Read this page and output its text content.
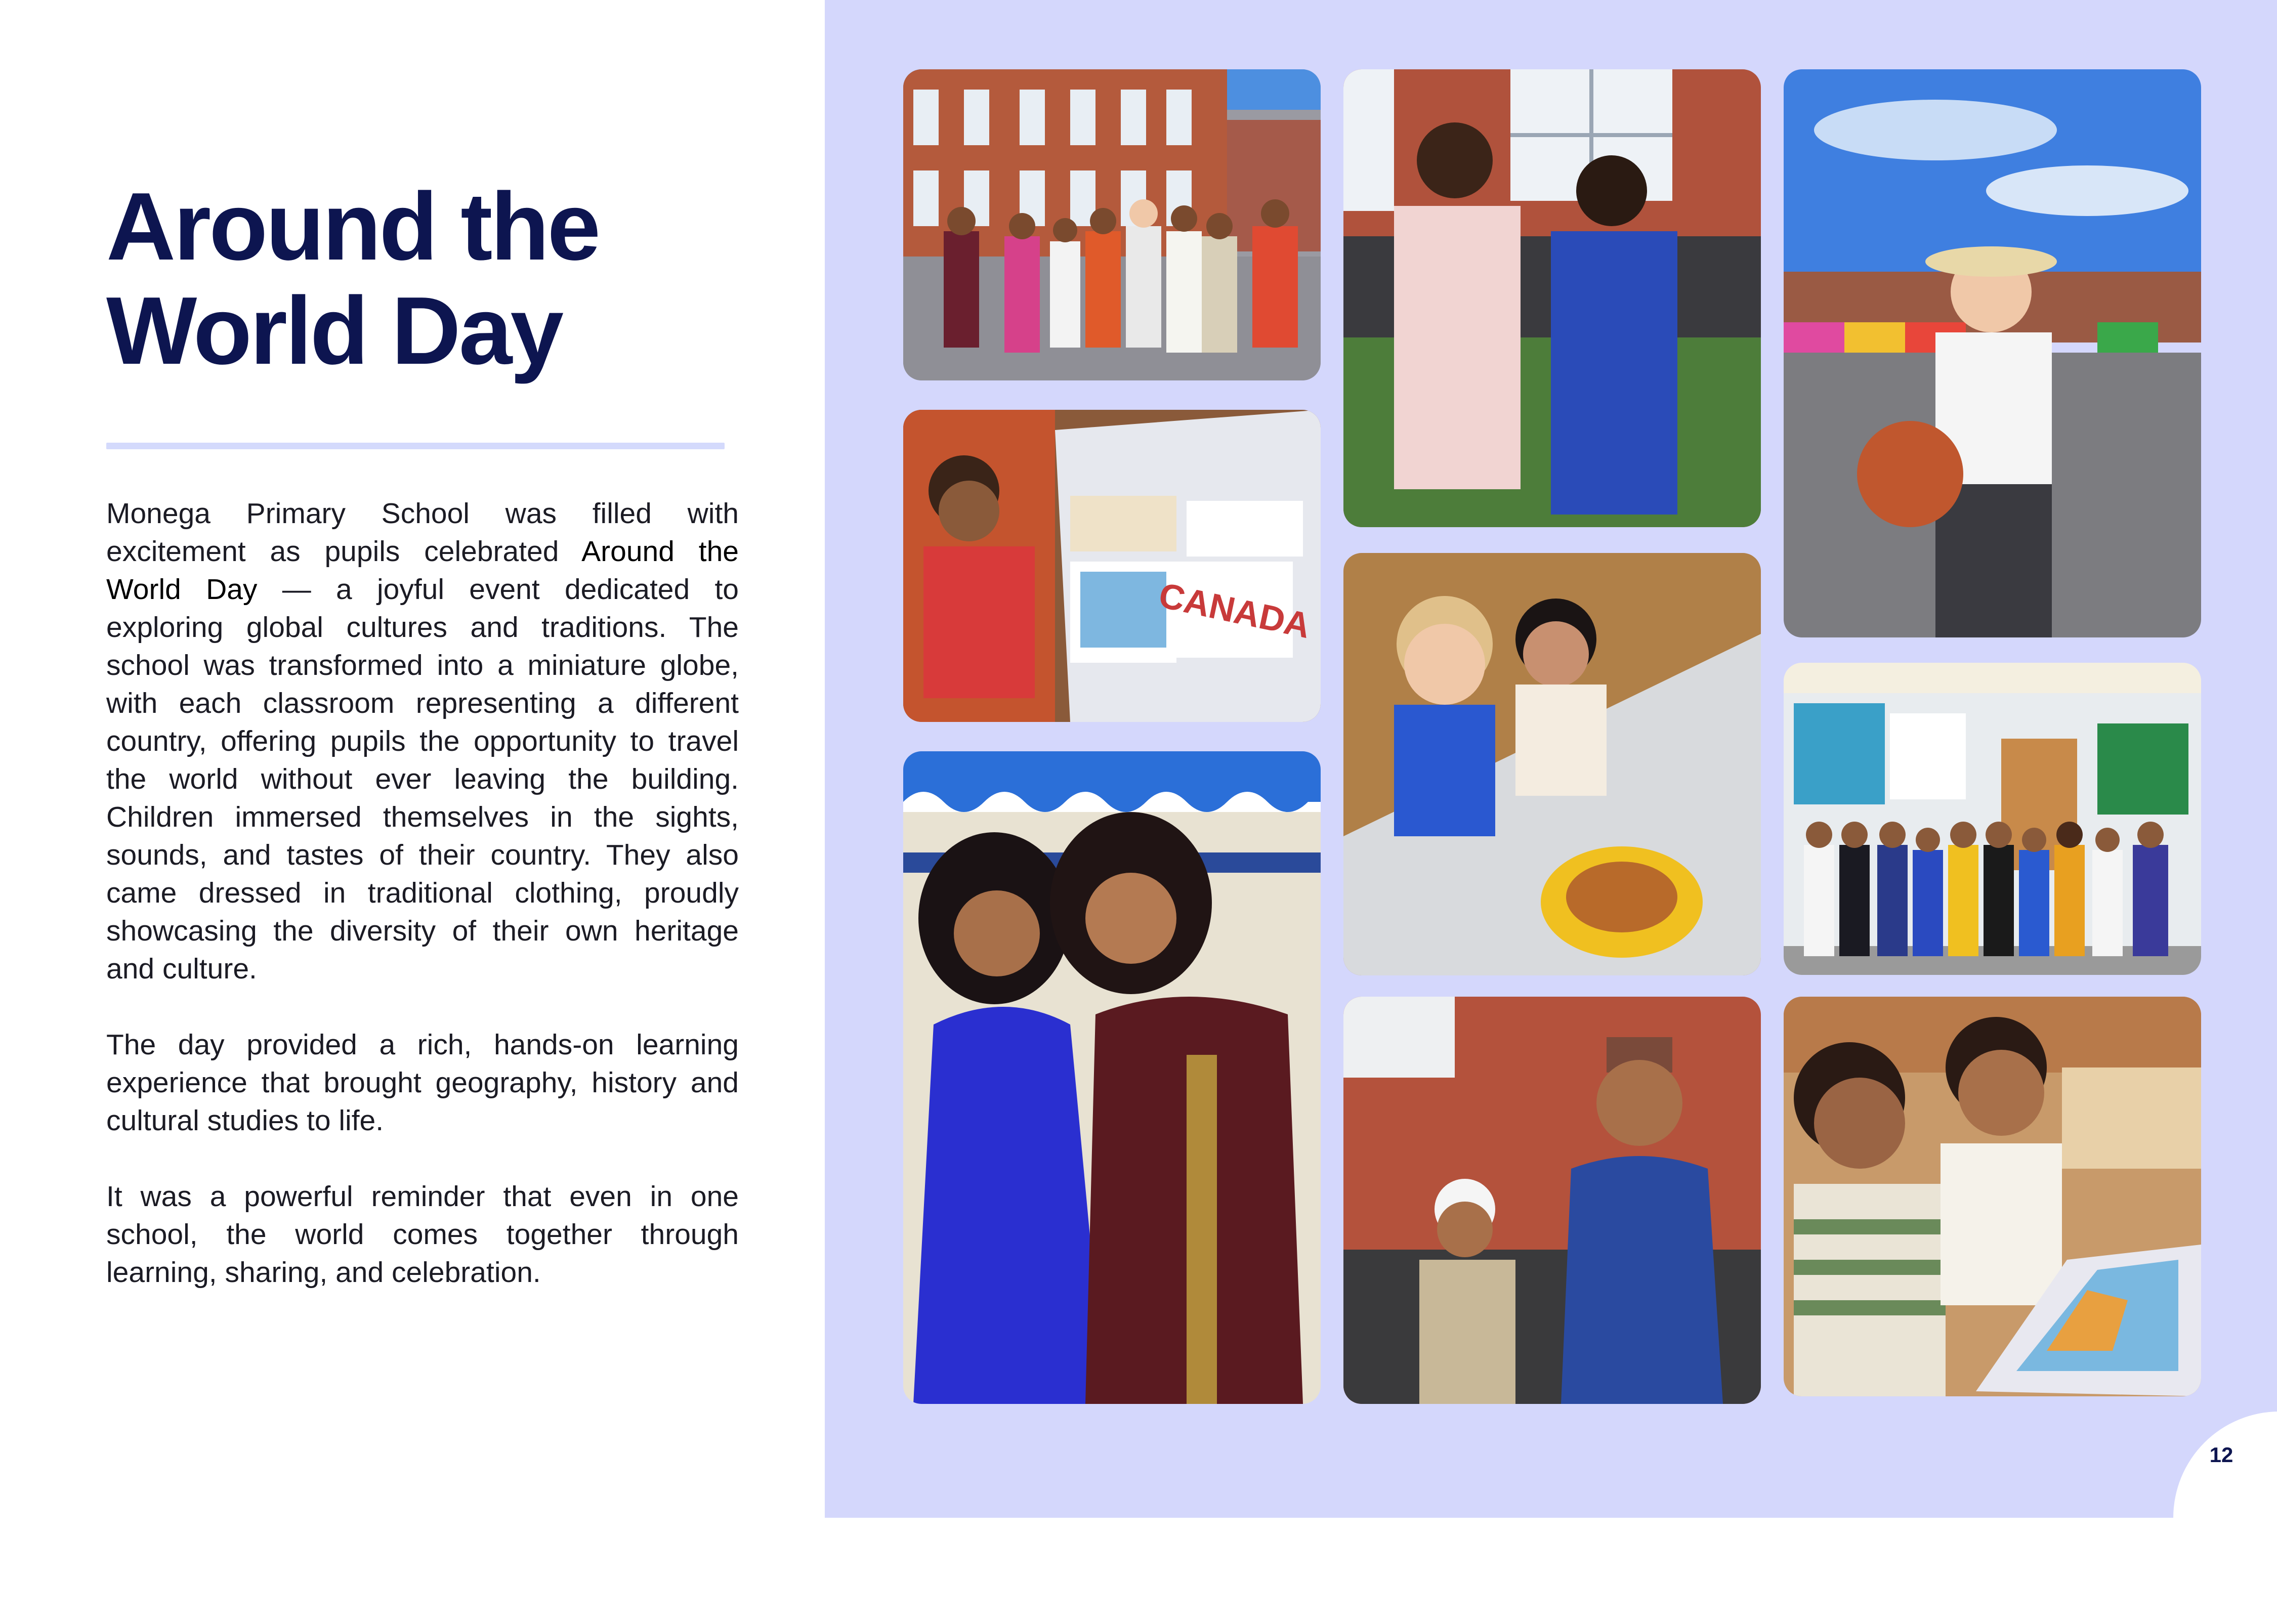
Around the
World Day

Monega Primary School was filled with excitement as pupils celebrated Around the World Day — a joyful event dedicated to exploring global cultures and traditions. The school was transformed into a miniature globe, with each classroom representing a different country, offering pupils the opportunity to travel the world without ever leaving the building. Children immersed themselves in the sights, sounds, and tastes of their country. They also came dressed in traditional clothing, proudly showcasing the diversity of their own heritage and culture.

The day provided a rich, hands-on learning experience that brought geography, history and cultural studies to life.

It was a powerful reminder that even in one school, the world comes together through learning, sharing, and celebration.

CANADA
12
